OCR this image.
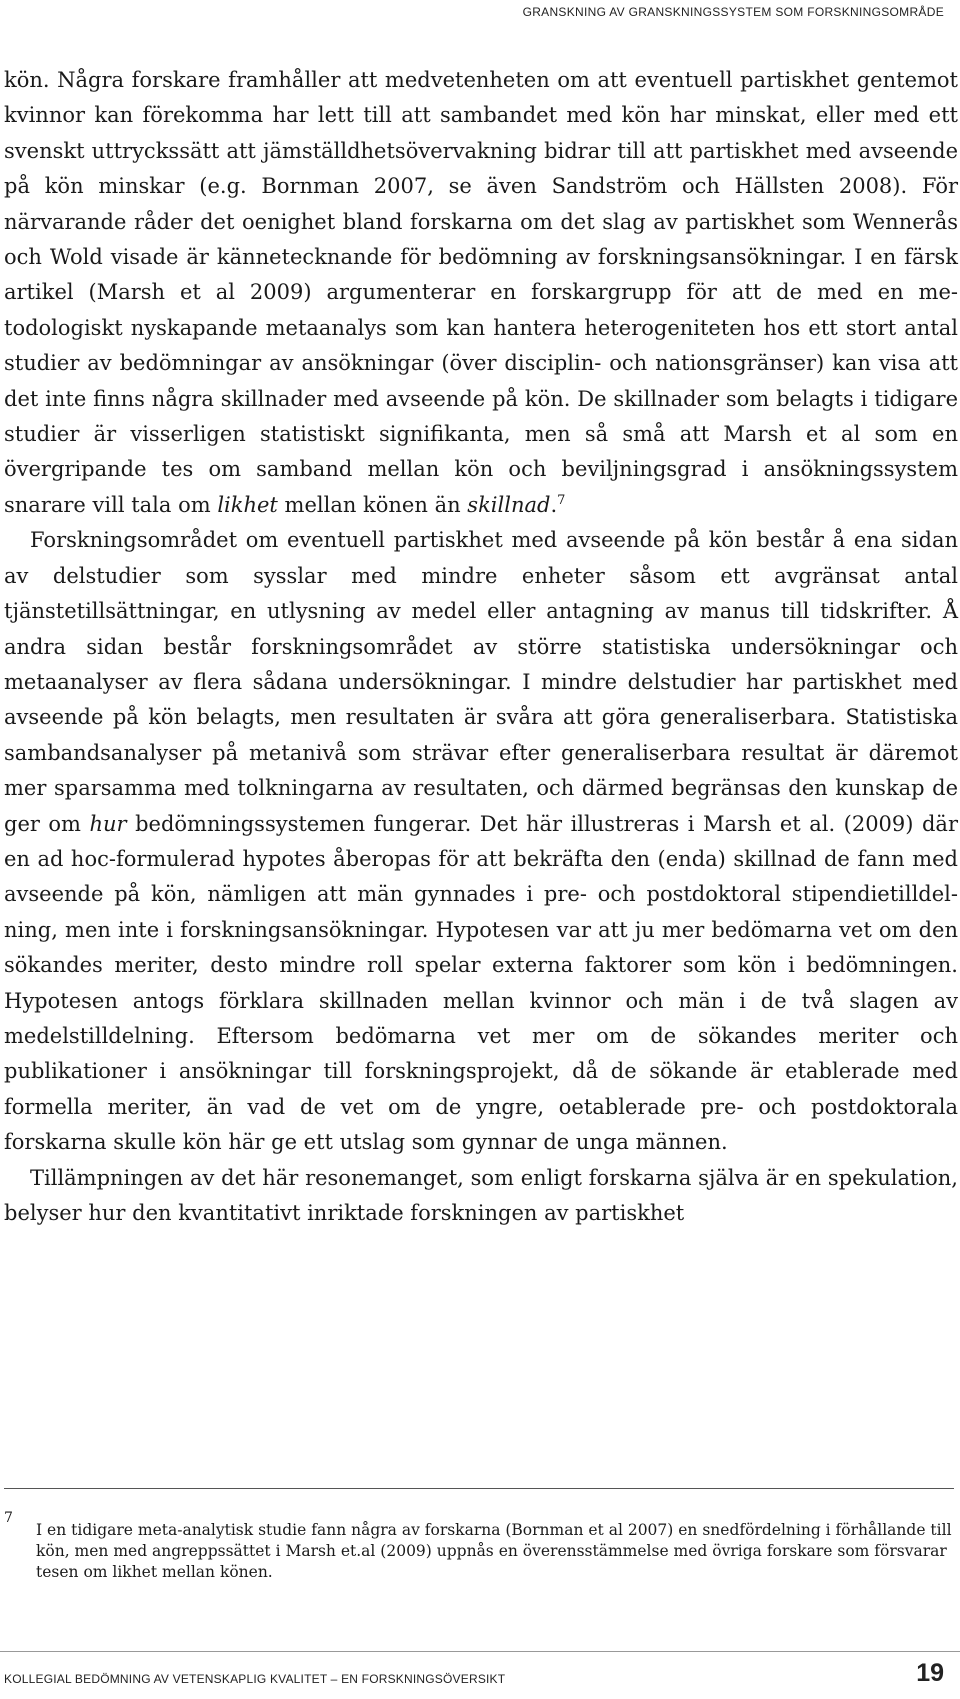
GRANSKNING AV GRANSKNINGSSYSTEM SOM FORSKNINGSOMRÅDE

kön. Några forskare framhåller att medvetenheten om att eventuell partiskhet gentemot kvinnor kan förekomma har lett till att sambandet med kön har minskat, eller med ett svenskt uttryckssätt att jämställdhetsövervakning bidrar till att partiskhet med avseende på kön minskar (e.g. Bornman 2007, se även Sandström och Hällsten 2008). För närvarande råder det oenighet bland forskarna om det slag av partiskhet som Wennerås och Wold visade är kännetecknande för bedömning av forskningsansökningar. I en färsk artikel (Marsh et al 2009) argumenterar en forskargrupp för att de med en metodologiskt nyskapande metaanalys som kan hantera heterogeniteten hos ett stort antal studier av bedömningar av ansökningar (över disciplin- och nationsgränser) kan visa att det inte finns några skillnader med avseende på kön. De skillnader som belagts i tidigare studier är visserligen statistiskt signifikanta, men så små att Marsh et al som en övergripande tes om samband mellan kön och beviljningsgrad i ansökningssystem snarare vill tala om likhet mellan könen än skillnad.$^7$

Forskningsområdet om eventuell partiskhet med avseende på kön består å ena sidan av delstudier som sysslar med mindre enheter såsom ett avgränsat antal tjänstetillsättningar, en utlysning av medel eller antagning av manus till tidskrifter. Å andra sidan består forskningsområdet av större statistiska undersökningar och metaanalyser av flera sådana undersökningar. I mindre delstudier har partiskhet med avseende på kön belagts, men resultaten är svåra att göra generaliserbara. Statistiska sambandsanalyser på metanivå som strävar efter generaliserbara resultat är däremot mer sparsamma med tolkningarna av resultaten, och därmed begränsas den kunskap de ger om hur bedömningssystemen fungerar. Det här illustreras i Marsh et al. (2009) där en ad hoc-formulerad hypotes åberopas för att bekräfta den (enda) skillnad de fann med avseende på kön, nämligen att män gynnades i pre- och postdoktoral stipendietilldelning, men inte i forskningsansökningar. Hypotesen var att ju mer bedömarna vet om den sökandes meriter, desto mindre roll spelar externa faktorer som kön i bedömningen. Hypotesen antogs förklara skillnaden mellan kvinnor och män i de två slagen av medelstilldelning. Eftersom bedömarna vet mer om de sökandes meriter och publikationer i ansökningar till forskningsprojekt, då de sökande är etablerade med formella meriter, än vad de vet om de yngre, oetablerade pre- och postdoktorala forskarna skulle kön här ge ett utslag som gynnar de unga männen.

Tillämpningen av det här resonemanget, som enligt forskarna själva är en spekulation, belyser hur den kvantitativt inriktade forskningen av partiskhet

7
I en tidigare meta-analytisk studie fann några av forskarna (Bornman et al 2007) en snedfördelning i förhållande till kön, men med angreppssättet i Marsh et.al (2009) uppnås en överensstämmelse med övriga forskare som försvarar tesen om likhet mellan könen.
KOLLEGIAL BEDÖMNING AV VETENSKAPLIG KVALITET – EN FORSKNINGSÖVERSIKT	19
